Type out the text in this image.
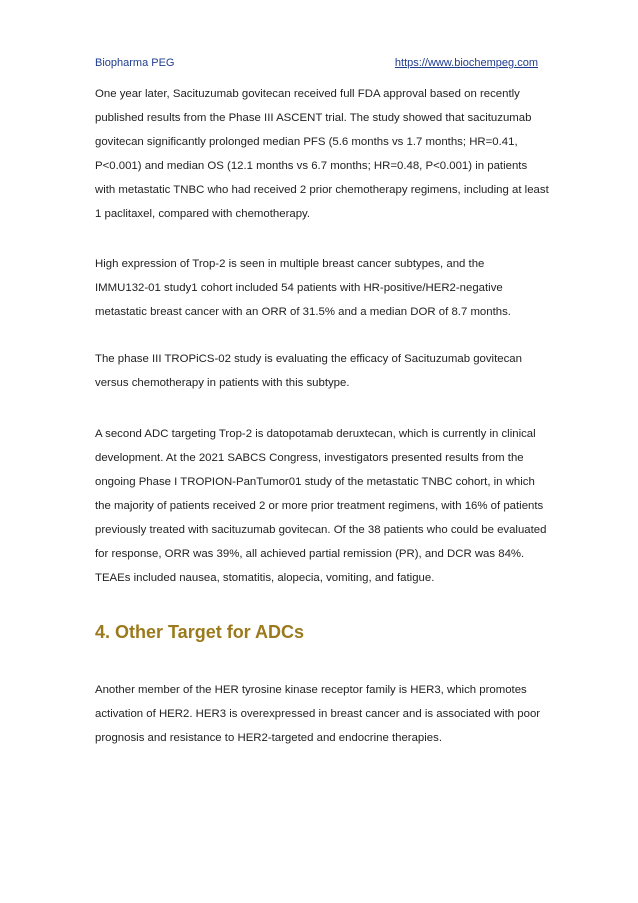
Biopharma PEG	https://www.biochempeg.com
One year later, Sacituzumab govitecan received full FDA approval based on recently
published results from the Phase III ASCENT trial. The study showed that sacituzumab
govitecan significantly prolonged median PFS (5.6 months vs 1.7 months; HR=0.41,
P<0.001) and median OS (12.1 months vs 6.7 months; HR=0.48, P<0.001) in patients
with metastatic TNBC who had received 2 prior chemotherapy regimens, including at least
1 paclitaxel, compared with chemotherapy.
High expression of Trop-2 is seen in multiple breast cancer subtypes, and the
IMMU132-01 study1 cohort included 54 patients with HR-positive/HER2-negative
metastatic breast cancer with an ORR of 31.5% and a median DOR of 8.7 months.
The phase III TROPiCS-02 study is evaluating the efficacy of Sacituzumab govitecan
versus chemotherapy in patients with this subtype.
A second ADC targeting Trop-2 is datopotamab deruxtecan, which is currently in clinical
development. At the 2021 SABCS Congress, investigators presented results from the
ongoing Phase I TROPION-PanTumor01 study of the metastatic TNBC cohort, in which
the majority of patients received 2 or more prior treatment regimens, with 16% of patients
previously treated with sacituzumab govitecan. Of the 38 patients who could be evaluated
for response, ORR was 39%, all achieved partial remission (PR), and DCR was 84%.
TEAEs included nausea, stomatitis, alopecia, vomiting, and fatigue.
4. Other Target for ADCs
Another member of the HER tyrosine kinase receptor family is HER3, which promotes
activation of HER2. HER3 is overexpressed in breast cancer and is associated with poor
prognosis and resistance to HER2-targeted and endocrine therapies.
